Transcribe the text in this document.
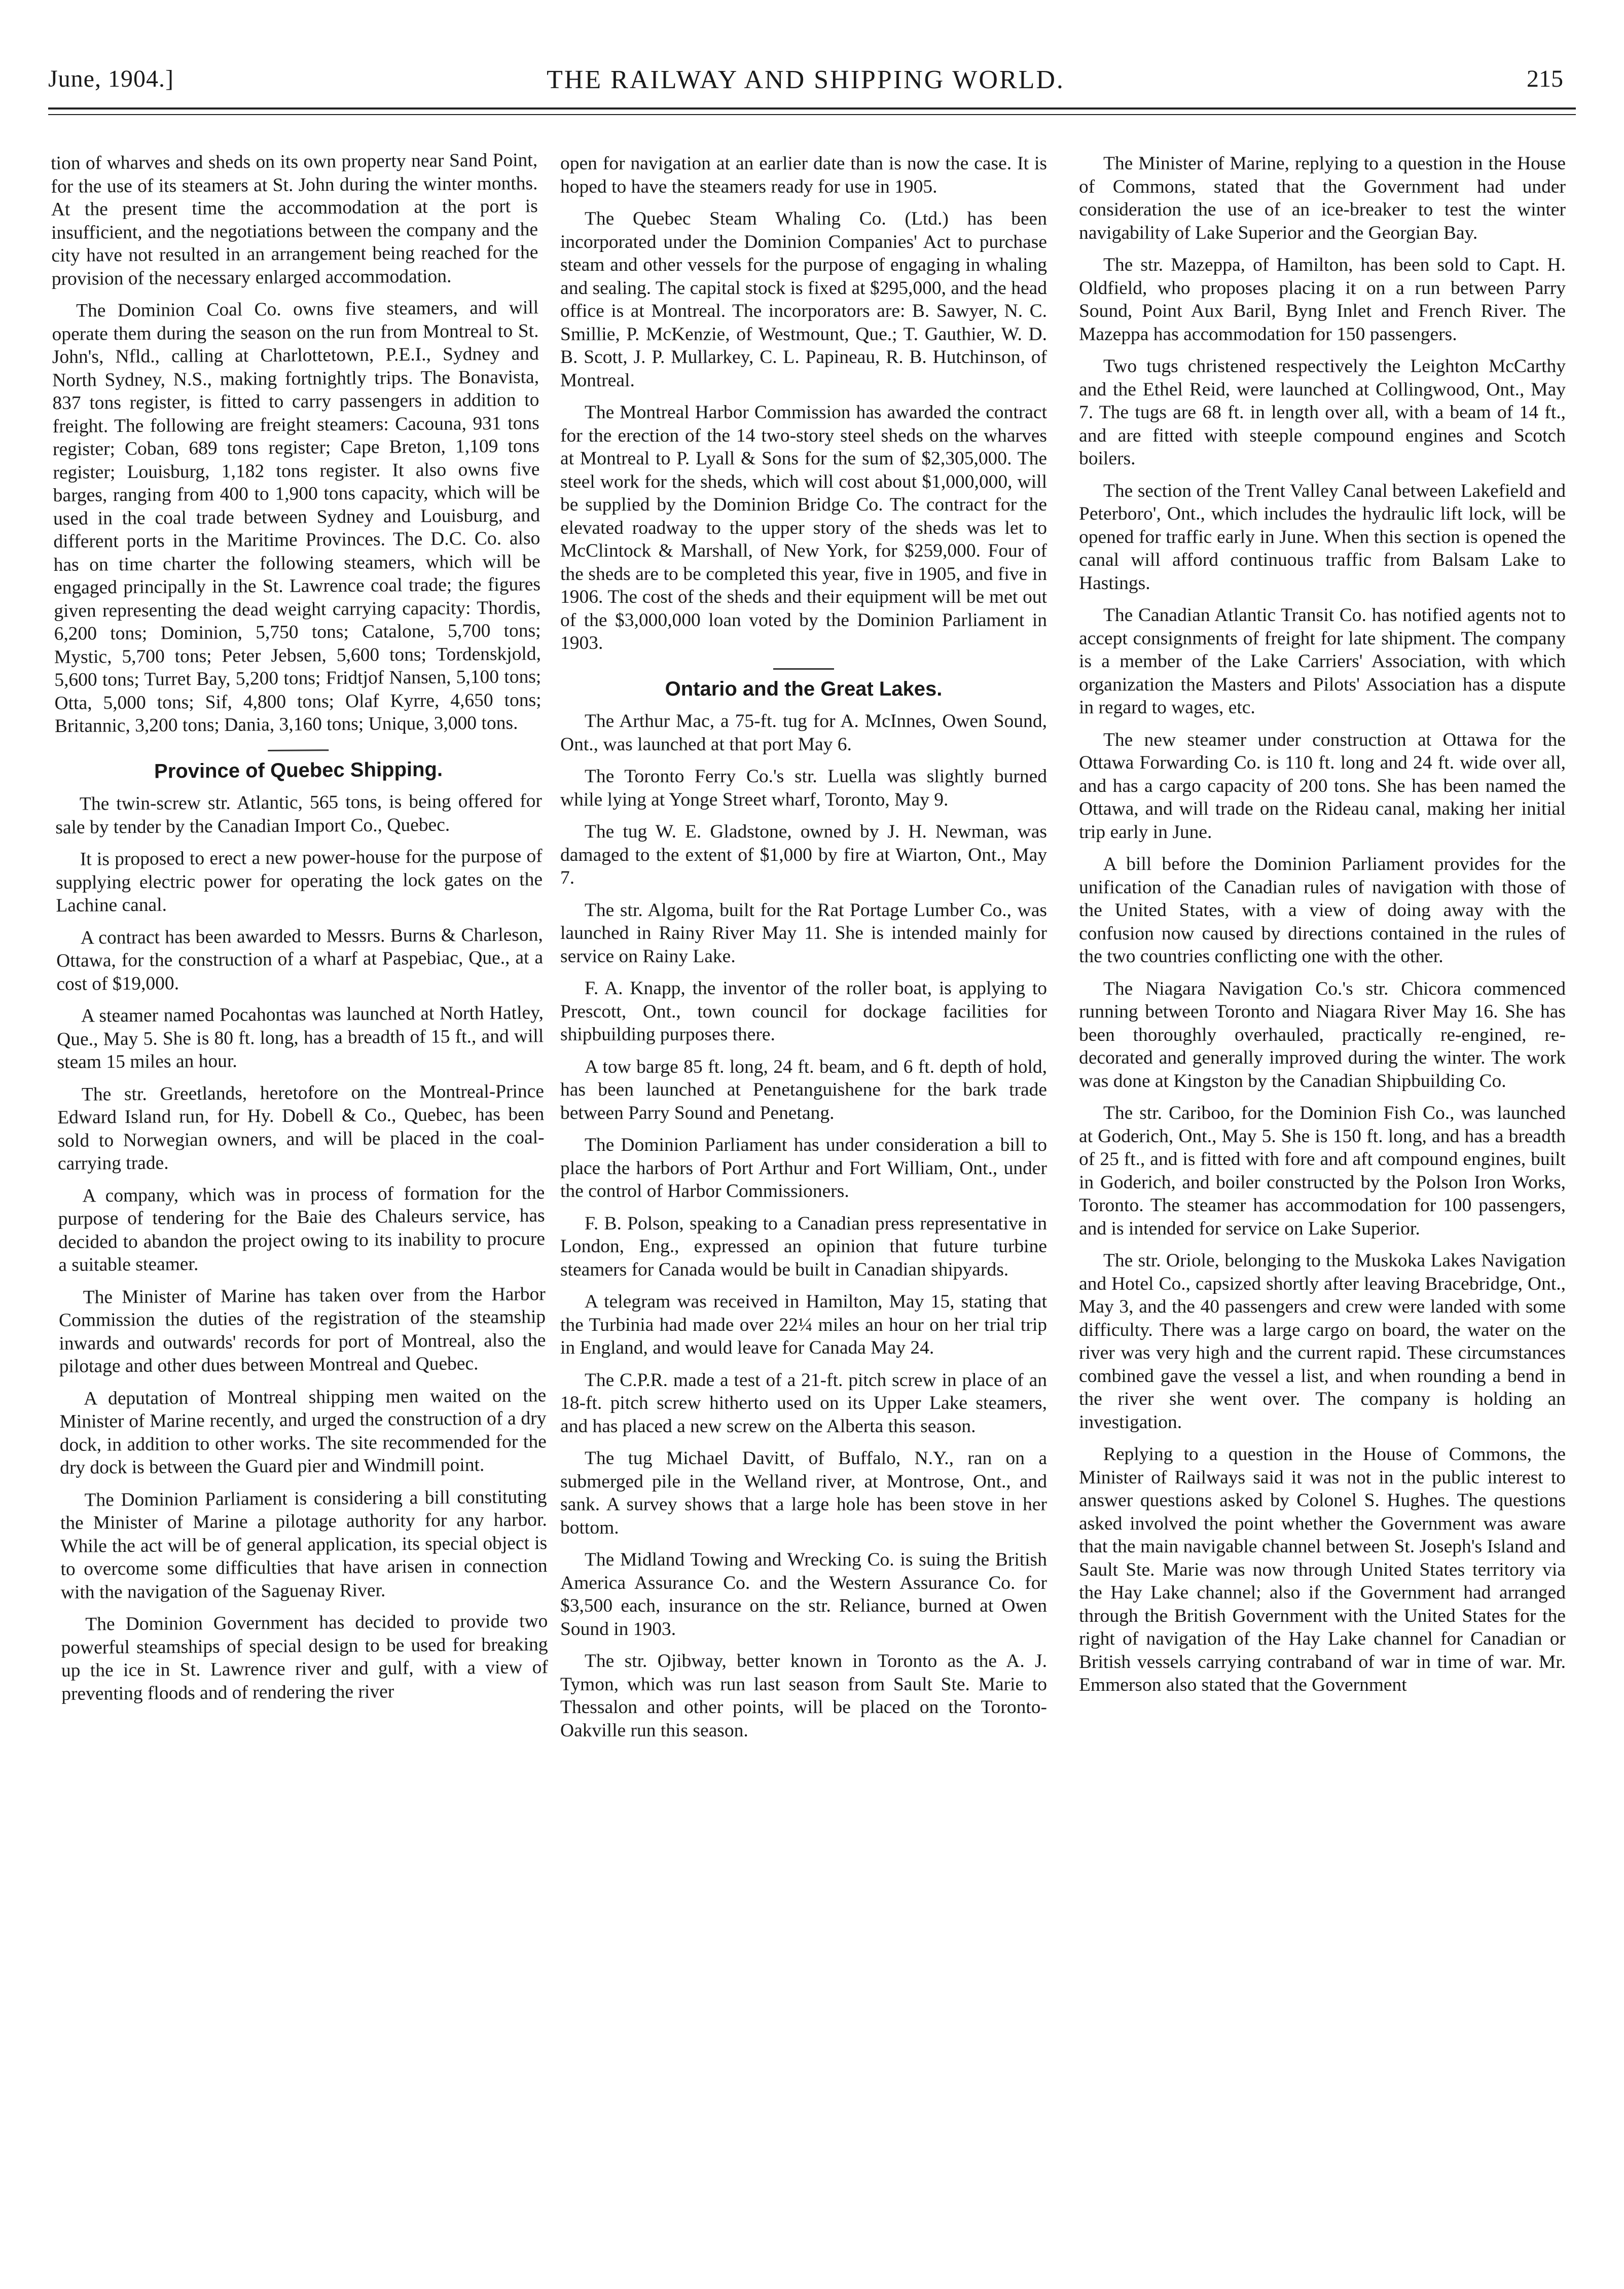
June, 1904.]	THE RAILWAY AND SHIPPING WORLD.	215

tion of wharves and sheds on its own property near Sand Point, for the use of its steamers at St. John during the winter months. At the present time the accommodation at the port is insufficient, and the negotiations between the company and the city have not resulted in an arrangement being reached for the provision of the necessary enlarged accommodation.

The Dominion Coal Co. owns five steamers, and will operate them during the season on the run from Montreal to St. John's, Nfld., calling at Charlottetown, P.E.I., Sydney and North Sydney, N.S., making fortnightly trips. The Bonavista, 837 tons register, is fitted to carry passengers in addition to freight. The following are freight steamers: Cacouna, 931 tons register; Coban, 689 tons register; Cape Breton, 1,109 tons register; Louisburg, 1,182 tons register. It also owns five barges, ranging from 400 to 1,900 tons capacity, which will be used in the coal trade between Sydney and Louisburg, and different ports in the Maritime Provinces. The D.C. Co. also has on time charter the following steamers, which will be engaged principally in the St. Lawrence coal trade; the figures given representing the dead weight carrying capacity: Thordis, 6,200 tons; Dominion, 5,750 tons; Catalone, 5,700 tons; Mystic, 5,700 tons; Peter Jebsen, 5,600 tons; Tordenskjold, 5,600 tons; Turret Bay, 5,200 tons; Fridtjof Nansen, 5,100 tons; Otta, 5,000 tons; Sif, 4,800 tons; Olaf Kyrre, 4,650 tons; Britannic, 3,200 tons; Dania, 3,160 tons; Unique, 3,000 tons.

Province of Quebec Shipping.

The twin-screw str. Atlantic, 565 tons, is being offered for sale by tender by the Canadian Import Co., Quebec.

It is proposed to erect a new power-house for the purpose of supplying electric power for operating the lock gates on the Lachine canal.

A contract has been awarded to Messrs. Burns & Charleson, Ottawa, for the construction of a wharf at Paspebiac, Que., at a cost of $19,000.

A steamer named Pocahontas was launched at North Hatley, Que., May 5. She is 80 ft. long, has a breadth of 15 ft., and will steam 15 miles an hour.

The str. Greetlands, heretofore on the Montreal-Prince Edward Island run, for Hy. Dobell & Co., Quebec, has been sold to Norwegian owners, and will be placed in the coal-carrying trade.

A company, which was in process of formation for the purpose of tendering for the Baie des Chaleurs service, has decided to abandon the project owing to its inability to procure a suitable steamer.

The Minister of Marine has taken over from the Harbor Commission the duties of the registration of the steamship inwards and outwards' records for port of Montreal, also the pilotage and other dues between Montreal and Quebec.

A deputation of Montreal shipping men waited on the Minister of Marine recently, and urged the construction of a dry dock, in addition to other works. The site recommended for the dry dock is between the Guard pier and Windmill point.

The Dominion Parliament is considering a bill constituting the Minister of Marine a pilotage authority for any harbor. While the act will be of general application, its special object is to overcome some difficulties that have arisen in connection with the navigation of the Saguenay River.

The Dominion Government has decided to provide two powerful steamships of special design to be used for breaking up the ice in St. Lawrence river and gulf, with a view of preventing floods and of rendering the river

open for navigation at an earlier date than is now the case. It is hoped to have the steamers ready for use in 1905.

The Quebec Steam Whaling Co. (Ltd.) has been incorporated under the Dominion Companies' Act to purchase steam and other vessels for the purpose of engaging in whaling and sealing. The capital stock is fixed at $295,000, and the head office is at Montreal. The incorporators are: B. Sawyer, N. C. Smillie, P. McKenzie, of Westmount, Que.; T. Gauthier, W. D. B. Scott, J. P. Mullarkey, C. L. Papineau, R. B. Hutchinson, of Montreal.

The Montreal Harbor Commission has awarded the contract for the erection of the 14 two-story steel sheds on the wharves at Montreal to P. Lyall & Sons for the sum of $2,305,000. The steel work for the sheds, which will cost about $1,000,000, will be supplied by the Dominion Bridge Co. The contract for the elevated roadway to the upper story of the sheds was let to McClintock & Marshall, of New York, for $259,000. Four of the sheds are to be completed this year, five in 1905, and five in 1906. The cost of the sheds and their equipment will be met out of the $3,000,000 loan voted by the Dominion Parliament in 1903.

Ontario and the Great Lakes.

The Arthur Mac, a 75-ft. tug for A. McInnes, Owen Sound, Ont., was launched at that port May 6.

The Toronto Ferry Co.'s str. Luella was slightly burned while lying at Yonge Street wharf, Toronto, May 9.

The tug W. E. Gladstone, owned by J. H. Newman, was damaged to the extent of $1,000 by fire at Wiarton, Ont., May 7.

The str. Algoma, built for the Rat Portage Lumber Co., was launched in Rainy River May 11. She is intended mainly for service on Rainy Lake.

F. A. Knapp, the inventor of the roller boat, is applying to Prescott, Ont., town council for dockage facilities for shipbuilding purposes there.

A tow barge 85 ft. long, 24 ft. beam, and 6 ft. depth of hold, has been launched at Penetanguishene for the bark trade between Parry Sound and Penetang.

The Dominion Parliament has under consideration a bill to place the harbors of Port Arthur and Fort William, Ont., under the control of Harbor Commissioners.

F. B. Polson, speaking to a Canadian press representative in London, Eng., expressed an opinion that future turbine steamers for Canada would be built in Canadian shipyards.

A telegram was received in Hamilton, May 15, stating that the Turbinia had made over 22¼ miles an hour on her trial trip in England, and would leave for Canada May 24.

The C.P.R. made a test of a 21-ft. pitch screw in place of an 18-ft. pitch screw hitherto used on its Upper Lake steamers, and has placed a new screw on the Alberta this season.

The tug Michael Davitt, of Buffalo, N.Y., ran on a submerged pile in the Welland river, at Montrose, Ont., and sank. A survey shows that a large hole has been stove in her bottom.

The Midland Towing and Wrecking Co. is suing the British America Assurance Co. and the Western Assurance Co. for $3,500 each, insurance on the str. Reliance, burned at Owen Sound in 1903.

The str. Ojibway, better known in Toronto as the A. J. Tymon, which was run last season from Sault Ste. Marie to Thessalon and other points, will be placed on the Toronto-Oakville run this season.

The Minister of Marine, replying to a question in the House of Commons, stated that the Government had under consideration the use of an ice-breaker to test the winter navigability of Lake Superior and the Georgian Bay.

The str. Mazeppa, of Hamilton, has been sold to Capt. H. Oldfield, who proposes placing it on a run between Parry Sound, Point Aux Baril, Byng Inlet and French River. The Mazeppa has accommodation for 150 passengers.

Two tugs christened respectively the Leighton McCarthy and the Ethel Reid, were launched at Collingwood, Ont., May 7. The tugs are 68 ft. in length over all, with a beam of 14 ft., and are fitted with steeple compound engines and Scotch boilers.

The section of the Trent Valley Canal between Lakefield and Peterboro', Ont., which includes the hydraulic lift lock, will be opened for traffic early in June. When this section is opened the canal will afford continuous traffic from Balsam Lake to Hastings.

The Canadian Atlantic Transit Co. has notified agents not to accept consignments of freight for late shipment. The company is a member of the Lake Carriers' Association, with which organization the Masters and Pilots' Association has a dispute in regard to wages, etc.

The new steamer under construction at Ottawa for the Ottawa Forwarding Co. is 110 ft. long and 24 ft. wide over all, and has a cargo capacity of 200 tons. She has been named the Ottawa, and will trade on the Rideau canal, making her initial trip early in June.

A bill before the Dominion Parliament provides for the unification of the Canadian rules of navigation with those of the United States, with a view of doing away with the confusion now caused by directions contained in the rules of the two countries conflicting one with the other.

The Niagara Navigation Co.'s str. Chicora commenced running between Toronto and Niagara River May 16. She has been thoroughly overhauled, practically re-engined, re-decorated and generally improved during the winter. The work was done at Kingston by the Canadian Shipbuilding Co.

The str. Cariboo, for the Dominion Fish Co., was launched at Goderich, Ont., May 5. She is 150 ft. long, and has a breadth of 25 ft., and is fitted with fore and aft compound engines, built in Goderich, and boiler constructed by the Polson Iron Works, Toronto. The steamer has accommodation for 100 passengers, and is intended for service on Lake Superior.

The str. Oriole, belonging to the Muskoka Lakes Navigation and Hotel Co., capsized shortly after leaving Bracebridge, Ont., May 3, and the 40 passengers and crew were landed with some difficulty. There was a large cargo on board, the water on the river was very high and the current rapid. These circumstances combined gave the vessel a list, and when rounding a bend in the river she went over. The company is holding an investigation.

Replying to a question in the House of Commons, the Minister of Railways said it was not in the public interest to answer questions asked by Colonel S. Hughes. The questions asked involved the point whether the Government was aware that the main navigable channel between St. Joseph's Island and Sault Ste. Marie was now through United States territory via the Hay Lake channel; also if the Government had arranged through the British Government with the United States for the right of navigation of the Hay Lake channel for Canadian or British vessels carrying contraband of war in time of war. Mr. Emmerson also stated that the Government
